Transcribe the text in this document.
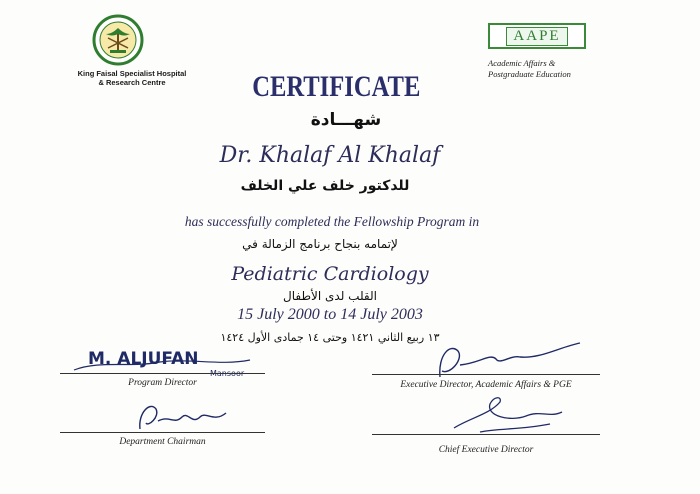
King Faisal Specialist Hospital
& Research Centre
AAPE
Academic Affairs &
Postgraduate Education
CERTIFICATE
شهـــادة
Dr. Khalaf Al Khalaf
للدكتور خلف علي الخلف
has successfully completed the Fellowship Program in
لإتمامه بنجاح برنامج الزمالة في
Pediatric Cardiology
القلب لدى الأطفال
15 July 2000 to 14 July 2003
١٣ ربيع الثاني ١٤٢١ وحتى ١٤ جمادى الأول ١٤٢٤
M. ALJUFAN
Mansoor
Program Director	Executive Director, Academic Affairs & PGE
Department Chairman
Chief Executive Director
